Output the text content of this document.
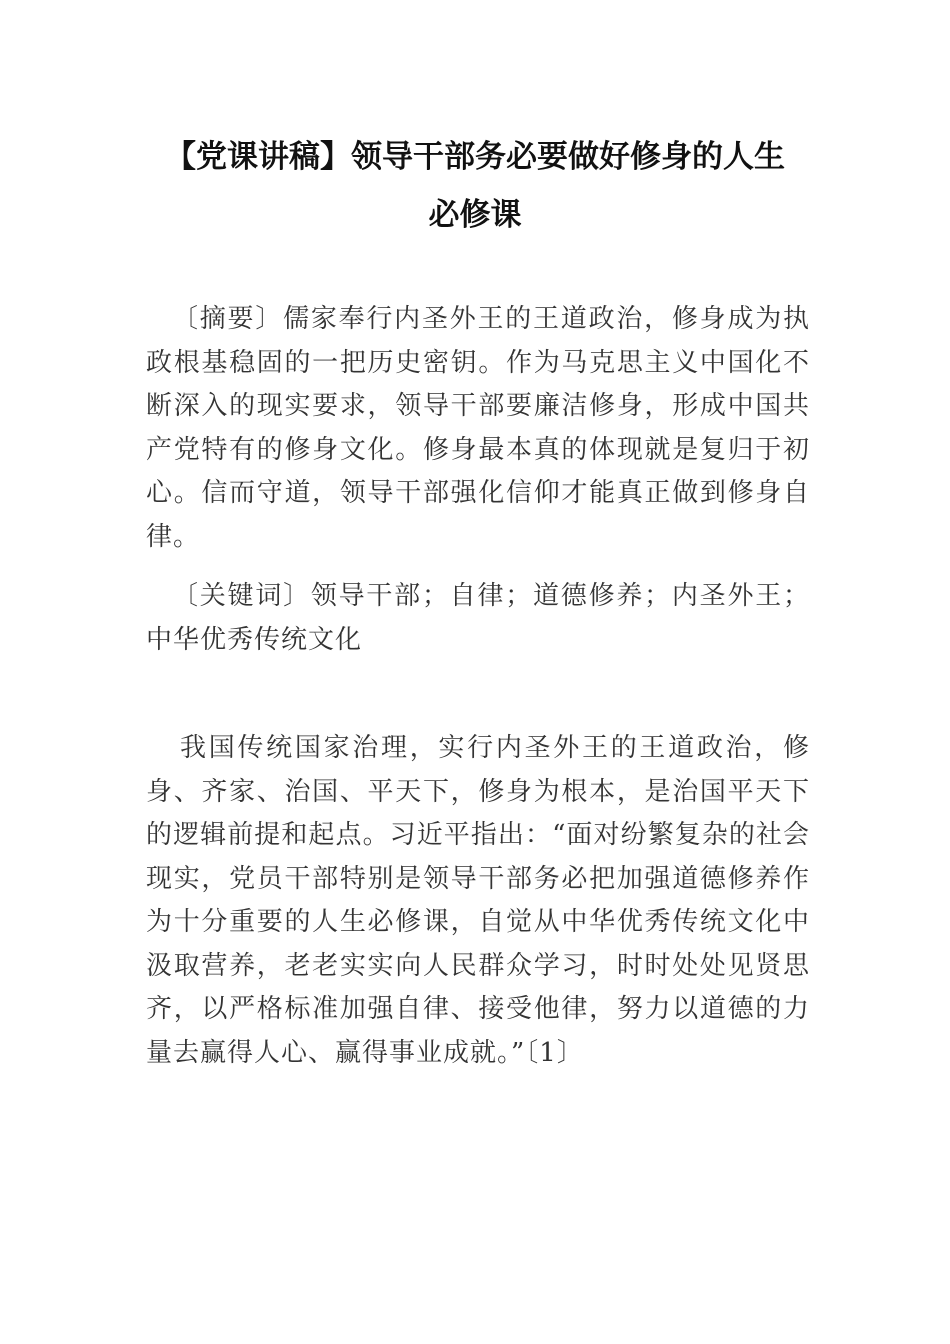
【党课讲稿】领导干部务必要做好修身的人生
必修课

〔摘要〕儒家奉行内圣外王的王道政治，修身成为执政根基稳固的一把历史密钥。作为马克思主义中国化不断深入的现实要求，领导干部要廉洁修身，形成中国共产党特有的修身文化。修身最本真的体现就是复归于初心。信而守道，领导干部强化信仰才能真正做到修身自律。

〔关键词〕领导干部；自律；道德修养；内圣外王；中华优秀传统文化

我国传统国家治理，实行内圣外王的王道政治，修身、齐家、治国、平天下，修身为根本，是治国平天下的逻辑前提和起点。习近平指出：“面对纷繁复杂的社会现实，党员干部特别是领导干部务必把加强道德修养作为十分重要的人生必修课，自觉从中华优秀传统文化中汲取营养，老老实实向人民群众学习，时时处处见贤思齐，以严格标准加强自律、接受他律，努力以道德的力量去赢得人心、赢得事业成就。”〔1〕
